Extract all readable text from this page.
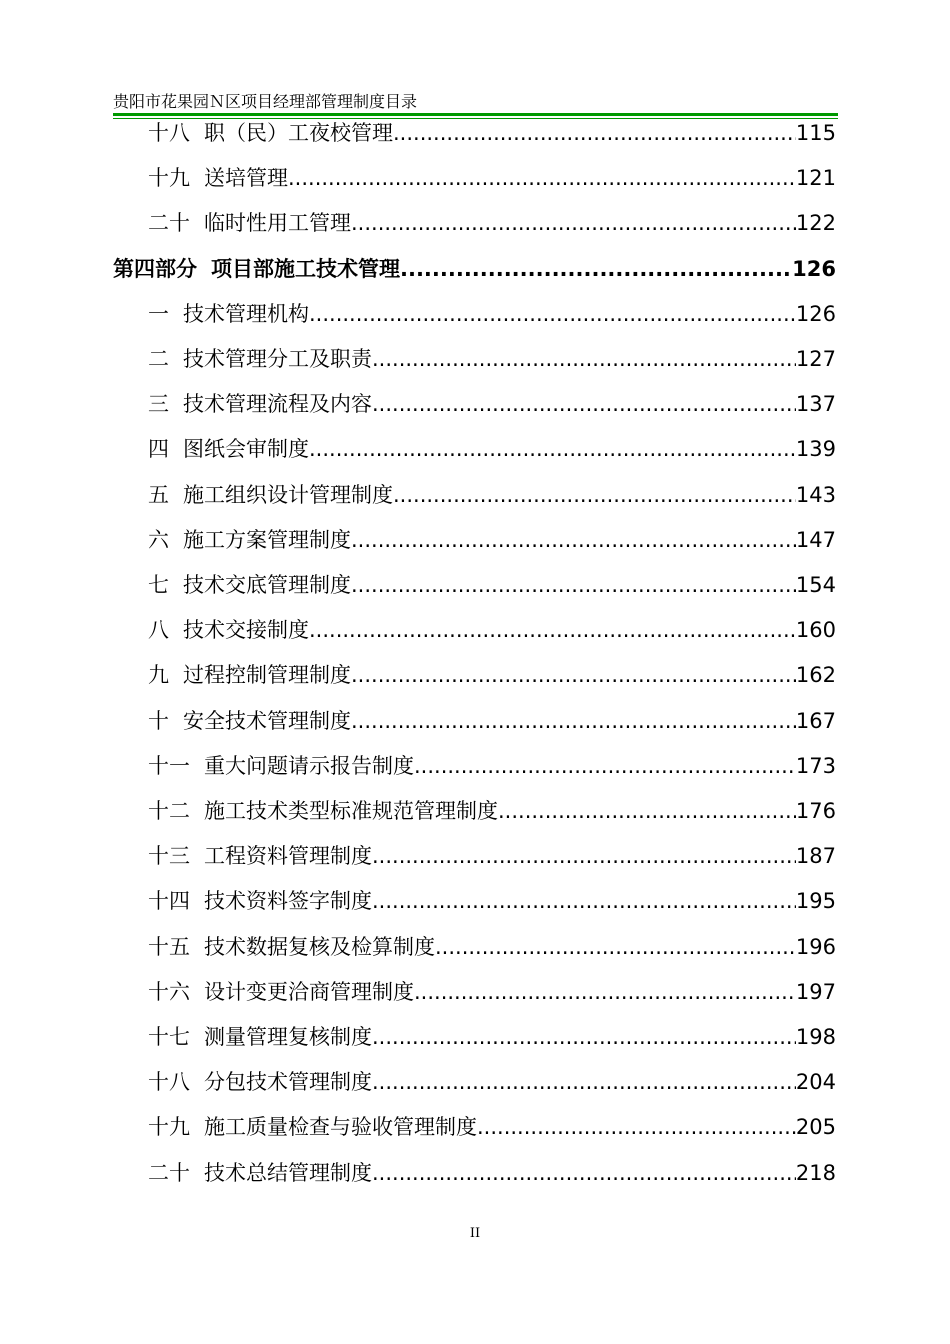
贵阳市花果园Ｎ区项目经理部管理制度目录
十八 职（民）工夜校管理 .....	115
十九 送培管理 .....	121
二十 临时性用工管理 .....	122
第四部分 项目部施工技术管理 .....	126
一 技术管理机构 .....	126
二 技术管理分工及职责 .....	127
三 技术管理流程及内容 .....	137
四 图纸会审制度 .....	139
五 施工组织设计管理制度 .....	143
六 施工方案管理制度 .....	147
七 技术交底管理制度 .....	154
八 技术交接制度 .....	160
九 过程控制管理制度 .....	162
十 安全技术管理制度 .....	167
十一 重大问题请示报告制度 .....	173
十二 施工技术类型标准规范管理制度 .....	176
十三 工程资料管理制度 .....	187
十四 技术资料签字制度 .....	195
十五 技术数据复核及检算制度 .....	196
十六 设计变更洽商管理制度 .....	197
十七 测量管理复核制度 .....	198
十八 分包技术管理制度 .....	204
十九 施工质量检查与验收管理制度 .....	205
二十 技术总结管理制度 .....	218
II
